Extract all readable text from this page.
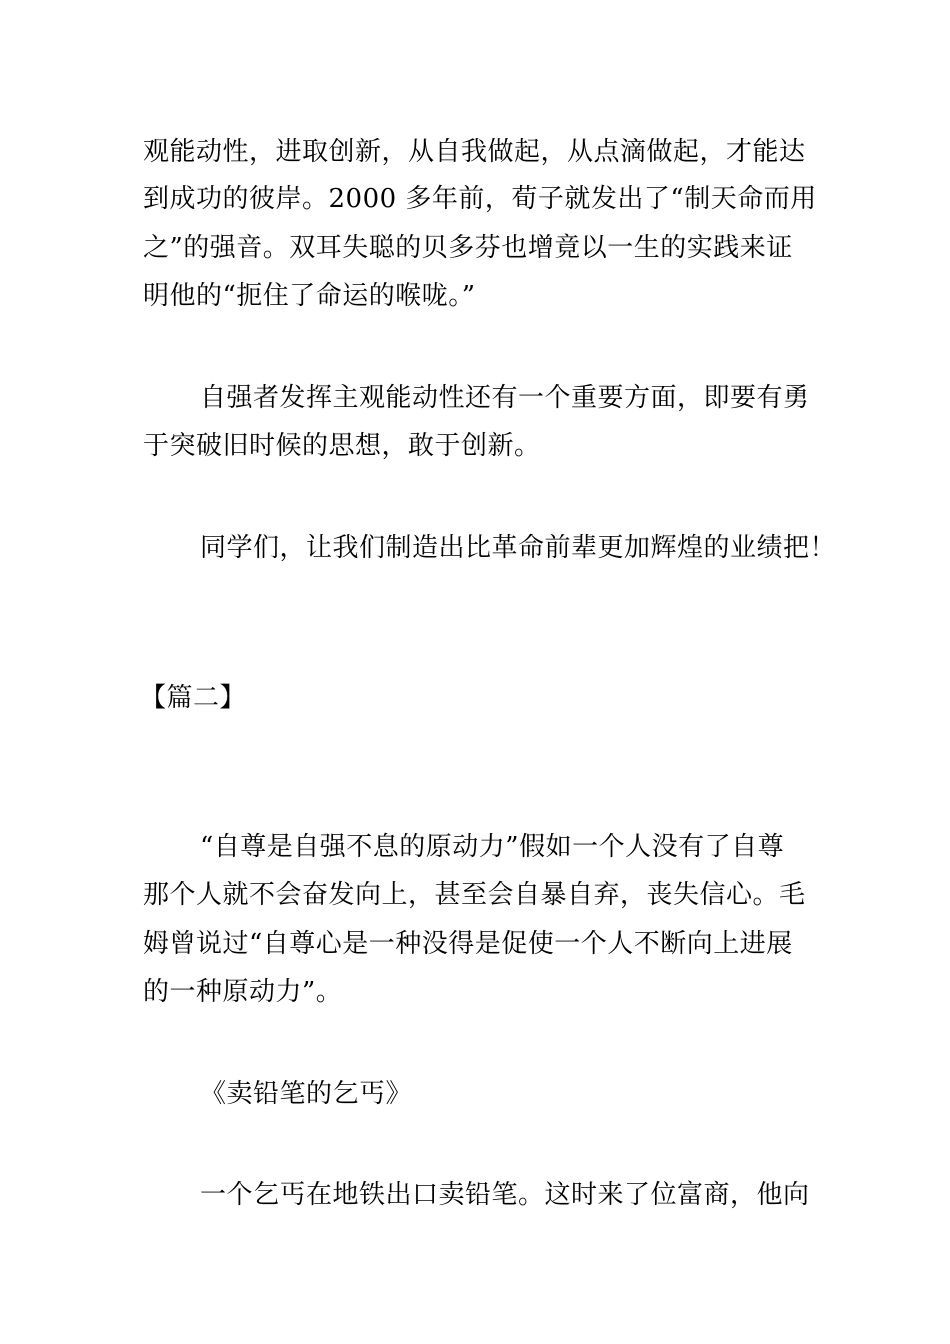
观能动性，进取创新，从自我做起，从点滴做起，才能达
到成功的彼岸。2000 多年前，荀子就发出了“制天命而用
之”的强音。双耳失聪的贝多芬也增竟以一生的实践来证
明他的“扼住了命运的喉咙。”
自强者发挥主观能动性还有一个重要方面，即要有勇
于突破旧时候的思想，敢于创新。
同学们，让我们制造出比革命前辈更加辉煌的业绩把！
【篇二】
“自尊是自强不息的原动力”假如一个人没有了自尊
那个人就不会奋发向上，甚至会自暴自弃，丧失信心。毛
姆曾说过“自尊心是一种没得是促使一个人不断向上进展
的一种原动力”。
《卖铅笔的乞丐》
一个乞丐在地铁出口卖铅笔。这时来了位富商，他向
